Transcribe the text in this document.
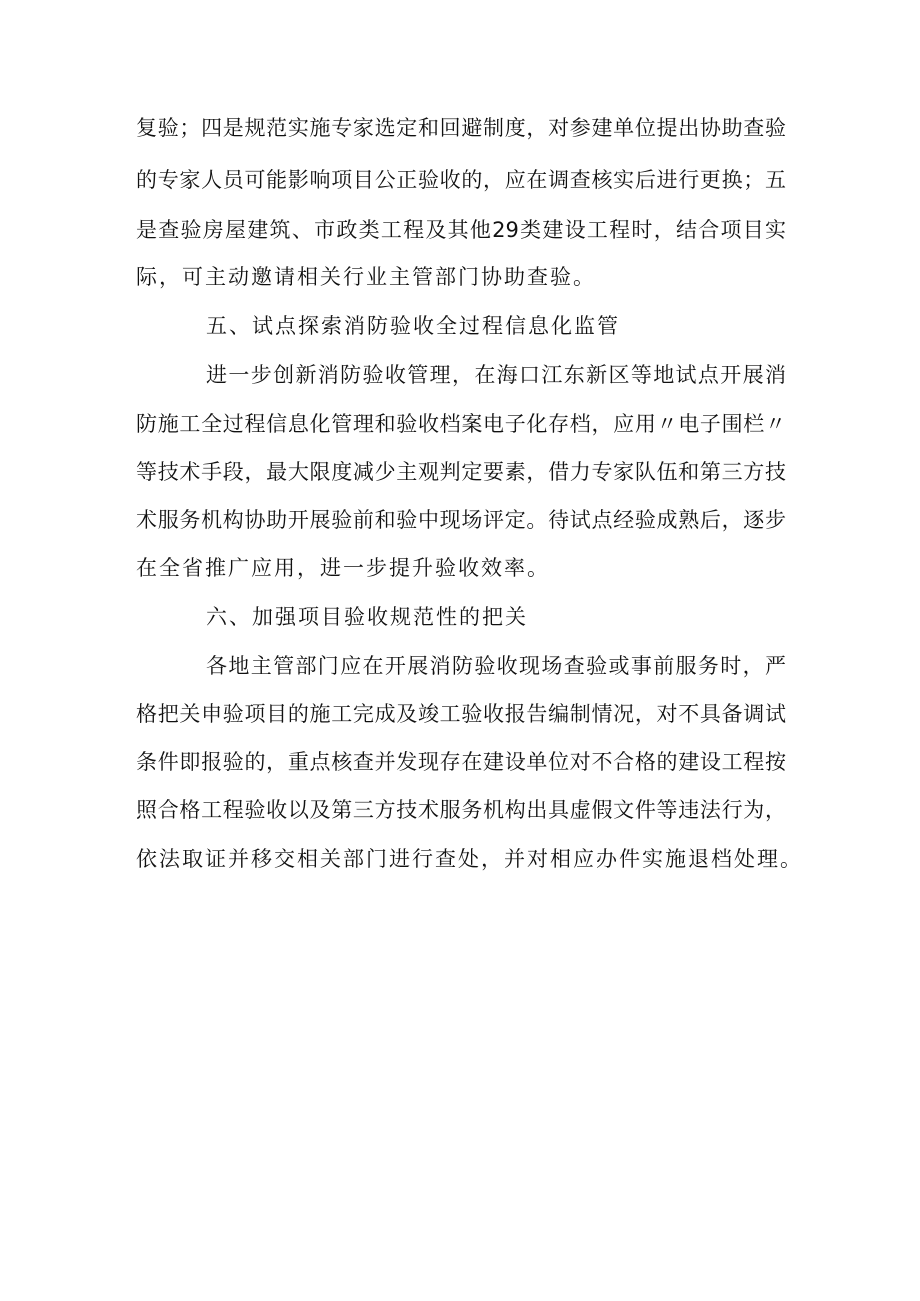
复验；四是规范实施专家选定和回避制度，对参建单位提出协助查验
的专家人员可能影响项目公正验收的，应在调查核实后进行更换；五
是查验房屋建筑、市政类工程及其他29类建设工程时，结合项目实
际，可主动邀请相关行业主管部门协助查验。
五、试点探索消防验收全过程信息化监管
进一步创新消防验收管理，在海口江东新区等地试点开展消
防施工全过程信息化管理和验收档案电子化存档，应用〃电子围栏〃
等技术手段，最大限度减少主观判定要素，借力专家队伍和第三方技
术服务机构协助开展验前和验中现场评定。待试点经验成熟后，逐步
在全省推广应用，进一步提升验收效率。
六、加强项目验收规范性的把关
各地主管部门应在开展消防验收现场查验或事前服务时，严
格把关申验项目的施工完成及竣工验收报告编制情况，对不具备调试
条件即报验的，重点核查并发现存在建设单位对不合格的建设工程按
照合格工程验收以及第三方技术服务机构出具虚假文件等违法行为，
依法取证并移交相关部门进行查处，并对相应办件实施退档处理。
